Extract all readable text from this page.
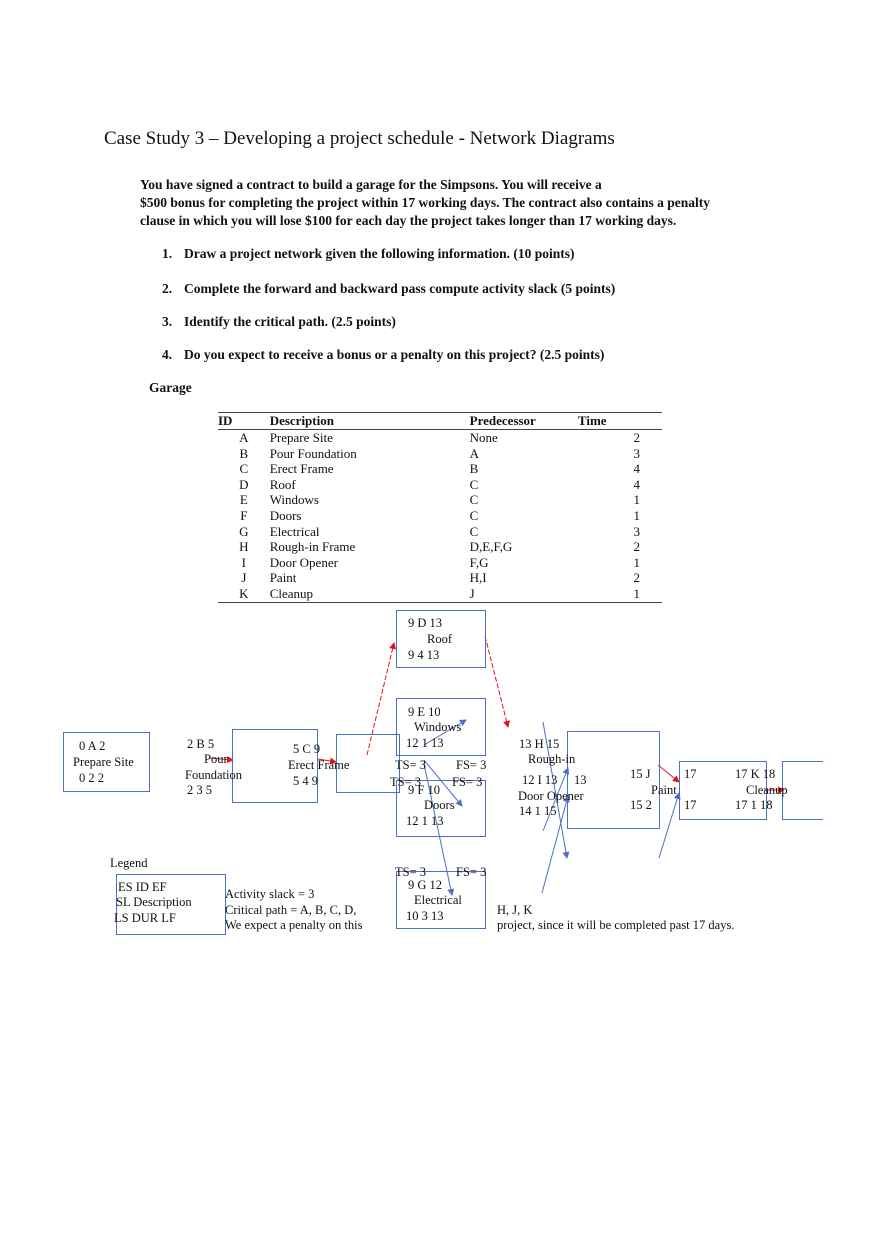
Case Study 3 – Developing a project schedule - Network Diagrams
You have signed a contract to build a garage for the Simpsons. You will receive a
$500 bonus for completing the project within 17 working days. The contract also contains a penalty
clause in which you will lose $100 for each day the project takes longer than 17 working days.
1. Draw a project network given the following information. (10 points)
2. Complete the forward and backward pass compute activity slack (5 points)
3. Identify the critical path. (2.5 points)
4. Do you expect to receive a bonus or a penalty on this project? (2.5 points)
Garage
ID	Description	Predecessor	Time
A	Prepare Site	None	2
B	Pour Foundation	A	3
C	Erect Frame	B	4
D	Roof	C	4
E	Windows	C	1
F	Doors	C	1
G	Electrical	C	3
H	Rough-in Frame	D,E,F,G	2
I	Door Opener	F,G	1
J	Paint	H,I	2
K	Cleanup	J	1
0 A 2
Prepare Site
0 2 2
2 B 5
Pour
Foundation
2 3 5
5 C 9
Erect Frame
5 4 9
9 D 13
Roof
9 4 13
9 E 10
Windows
12 1 13
TS= 3 FS= 3
TS= 3 FS= 3
9 F 10
Doors
12 1 13
TS= 3 FS= 3
9 G 12
Electrical
10 3 13
13 H 15
Rough-in
13
12 I 13
Door Opener
14 1 15
15 J	17
Paint
15 2	17
17 K 18
Cleanup
17 1 18
Legend
ES ID EF
SL Description
LS DUR LF
Activity slack = 3
Critical path = A, B, C, D,
We expect a penalty on this
H, J, K
project, since it will be completed past 17 days.
